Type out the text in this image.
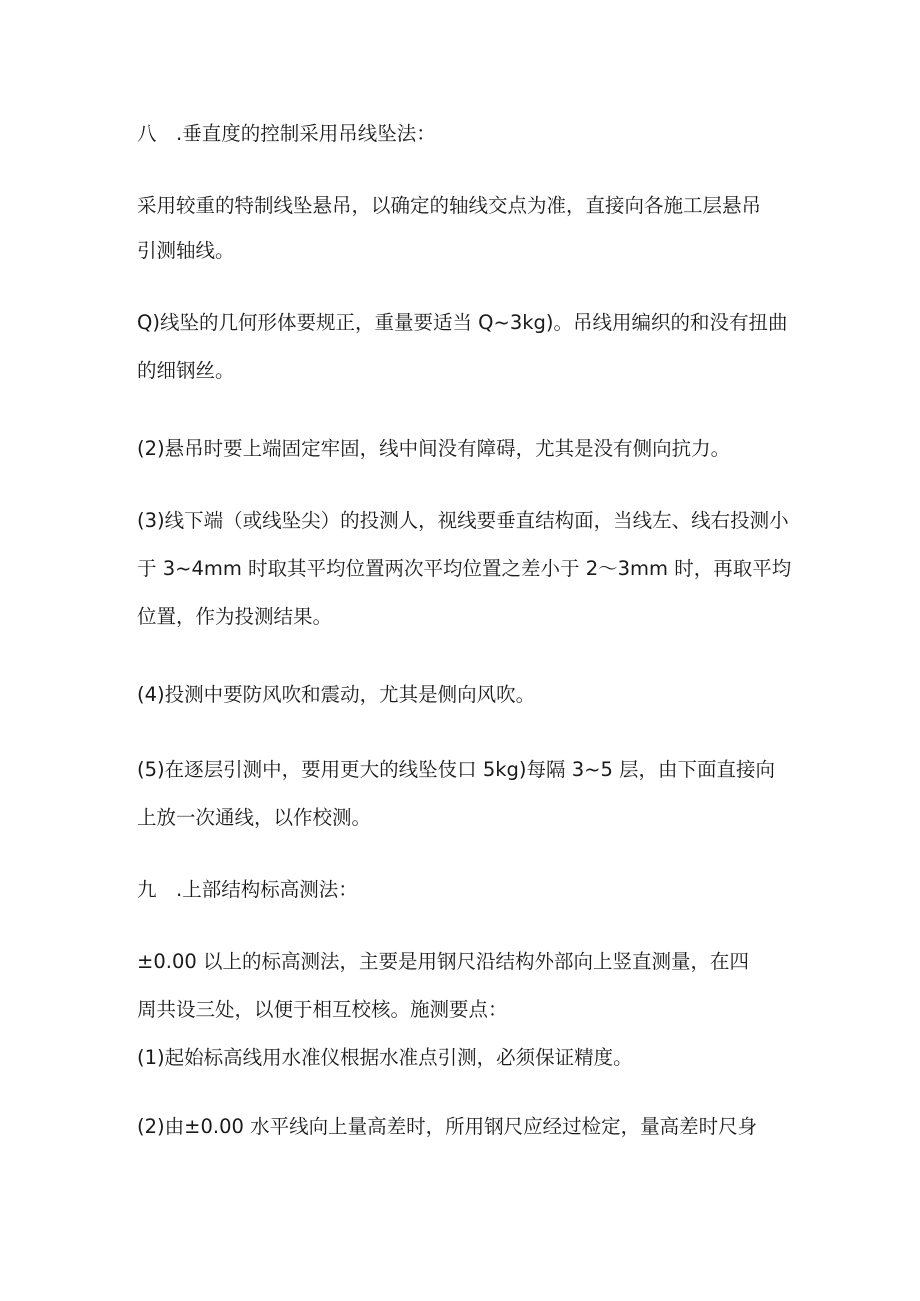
八　.垂直度的控制采用吊线坠法：

采用较重的特制线坠悬吊，以确定的轴线交点为准，直接向各施工层悬吊

引测轴线。

Q)线坠的几何形体要规正，重量要适当 Q~3kg)。吊线用编织的和没有扭曲

的细钢丝。

(2)悬吊时要上端固定牢固，线中间没有障碍，尤其是没有侧向抗力。

(3)线下端（或线坠尖）的投测人，视线要垂直结构面，当线左、线右投测小

于 3~4mm 时取其平均位置两次平均位置之差小于 2～3mm 时，再取平均

位置，作为投测结果。

(4)投测中要防风吹和震动，尤其是侧向风吹。

(5)在逐层引测中，要用更大的线坠伎口 5kg)每隔 3~5 层，由下面直接向

上放一次通线，以作校测。

九　.上部结构标高测法：

±0.00 以上的标高测法，主要是用钢尺沿结构外部向上竖直测量，在四

周共设三处，以便于相互校核。施测要点：

(1)起始标高线用水准仪根据水准点引测，必须保证精度。

(2)由±0.00 水平线向上量高差时，所用钢尺应经过检定，量高差时尺身
